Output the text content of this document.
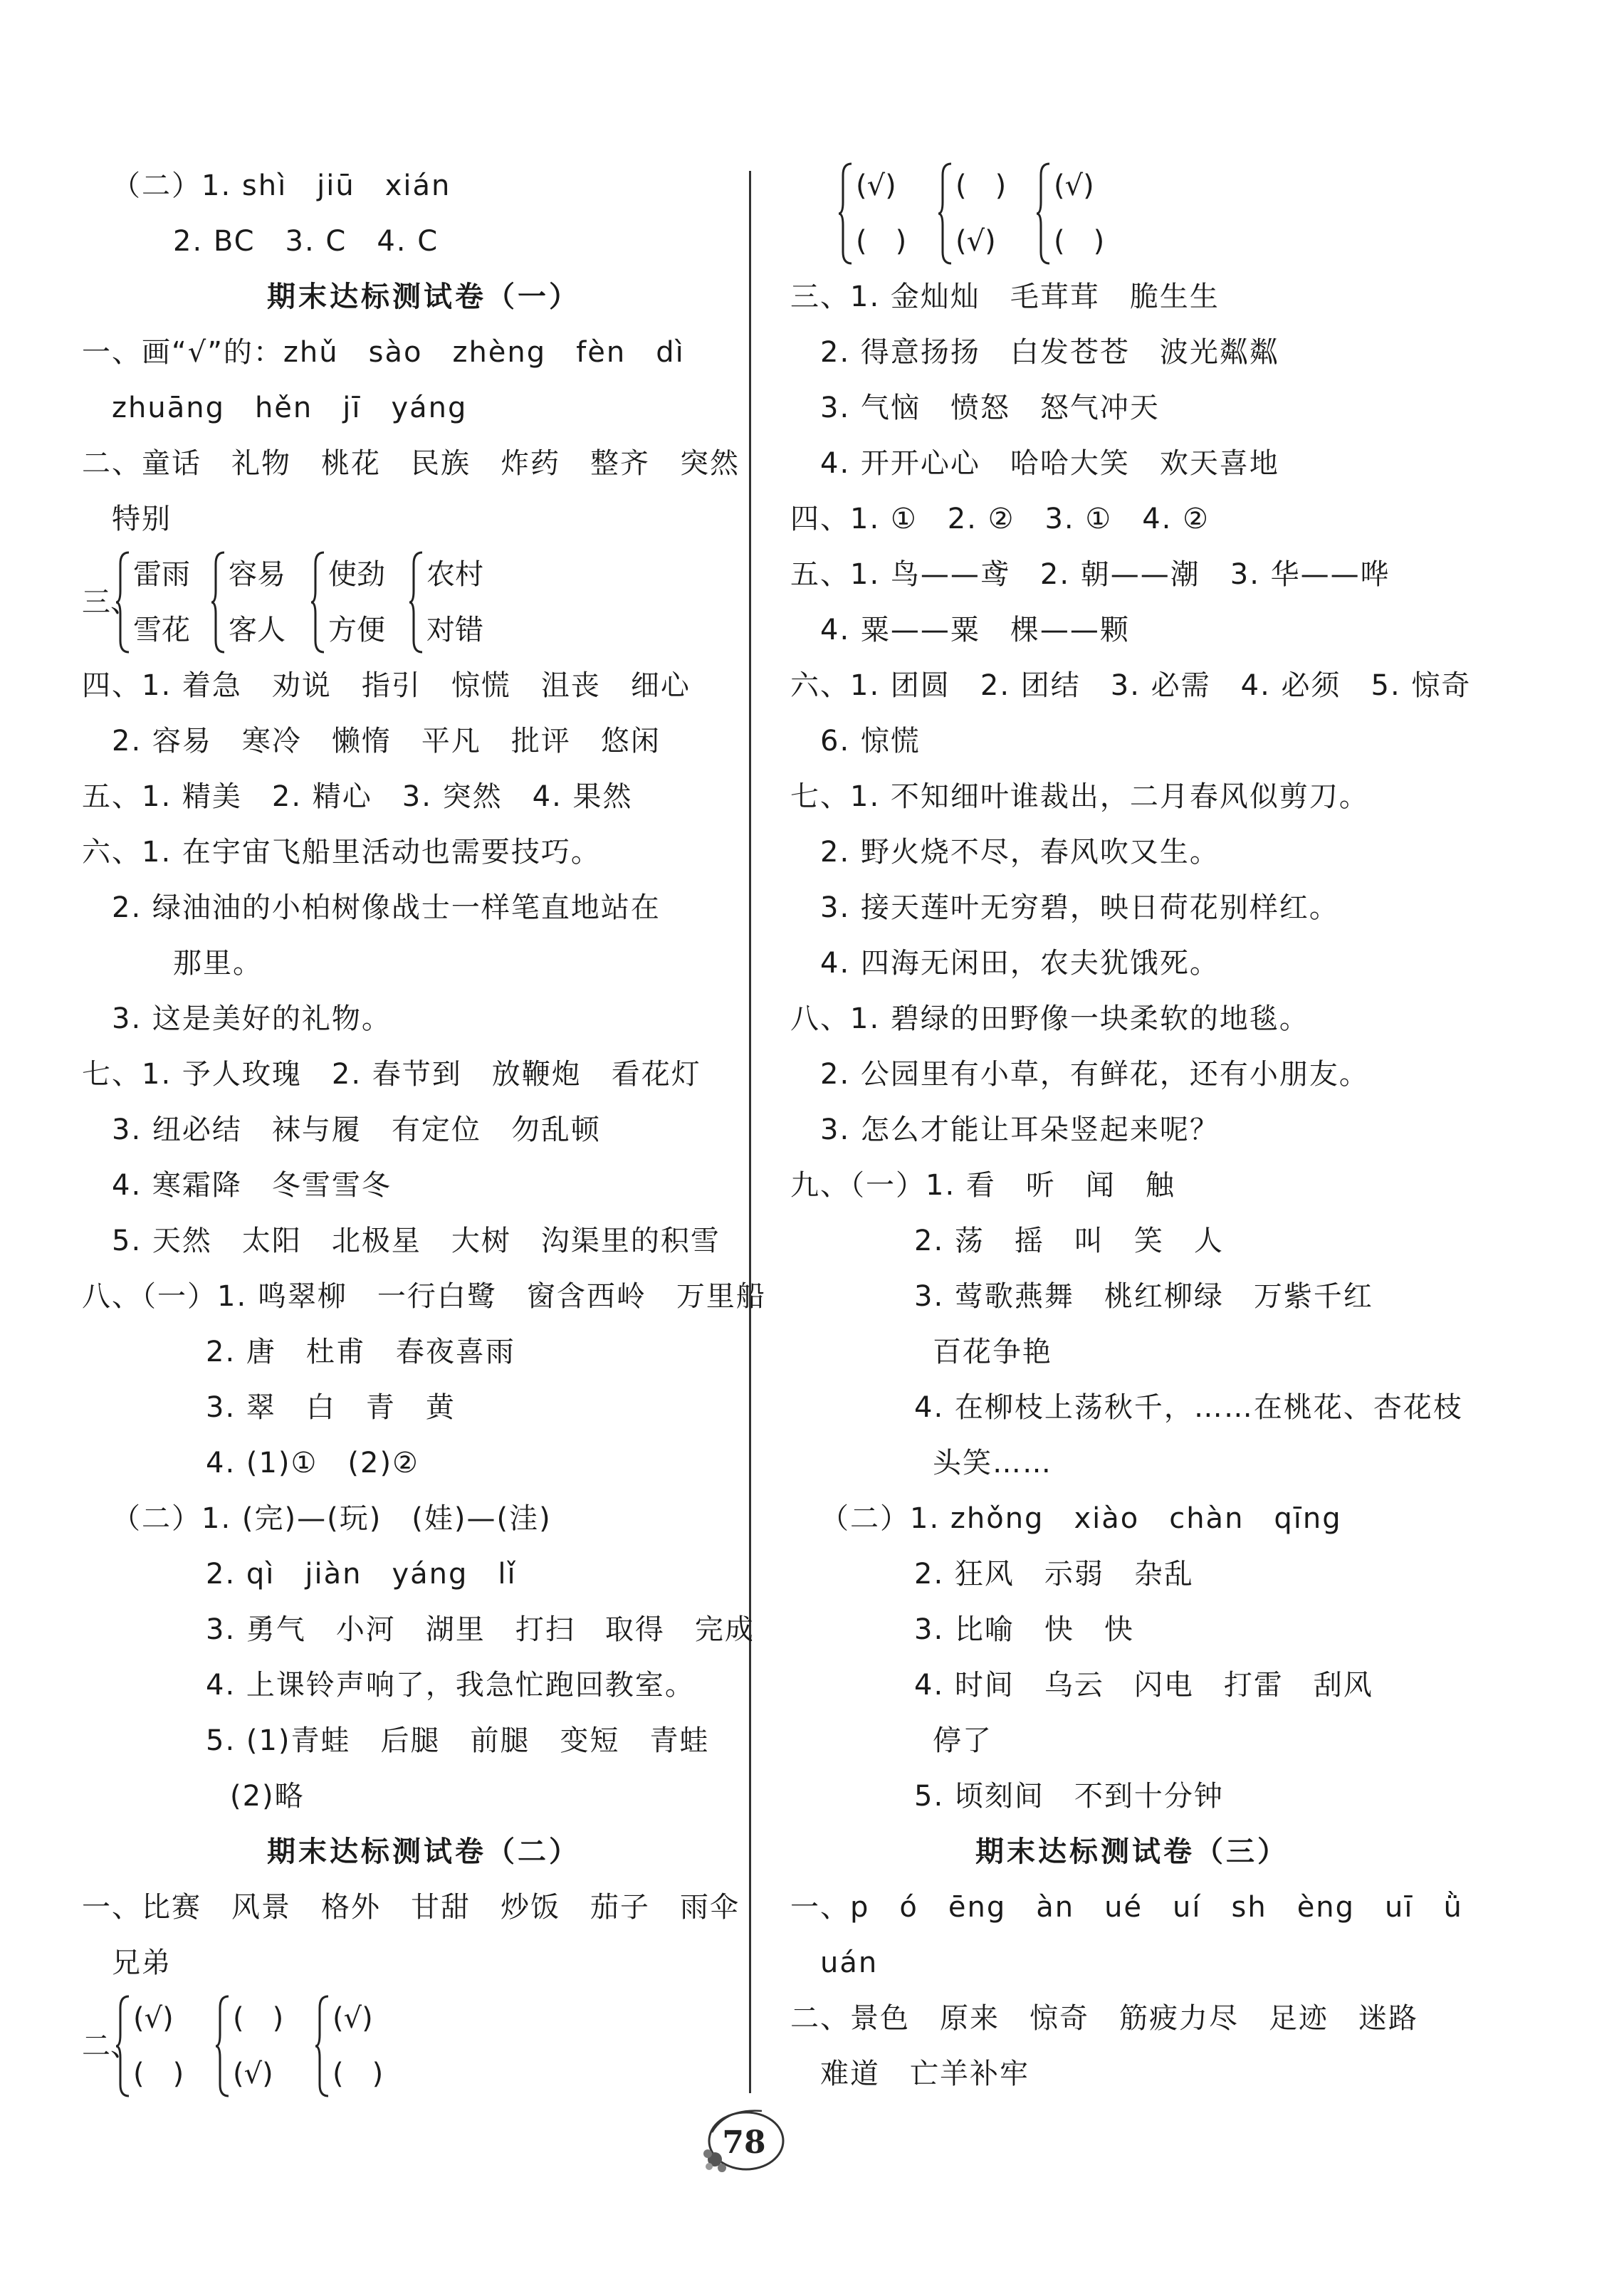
（二）1. shì　jiū　xián
2. BC　3. C　4. C
期末达标测试卷（一）
一、画“√”的：zhǔ　sào　zhèng　fèn　dì
zhuāng　hěn　jī　yáng
二、童话　礼物　桃花　民族　炸药　整齐　突然
特别
三、
雷雨
雪花
容易
客人
使劲
方便
农村
对错
四、1. 着急　劝说　指引　惊慌　沮丧　细心
2. 容易　寒冷　懒惰　平凡　批评　悠闲
五、1. 精美　2. 精心　3. 突然　4. 果然
六、1. 在宇宙飞船里活动也需要技巧。
2. 绿油油的小柏树像战士一样笔直地站在
那里。
3. 这是美好的礼物。
七、1. 予人玫瑰　2. 春节到　放鞭炮　看花灯
3. 纽必结　袜与履　有定位　勿乱顿
4. 寒霜降　冬雪雪冬
5. 天然　太阳　北极星　大树　沟渠里的积雪
八、（一）1. 鸣翠柳　一行白鹭　窗含西岭　万里船
2. 唐　杜甫　春夜喜雨
3. 翠　白　青　黄
4. (1)①　(2)②
（二）1. (完)—(玩)　(娃)—(洼)
2. qì　jiàn　yáng　lǐ
3. 勇气　小河　湖里　打扫　取得　完成
4. 上课铃声响了，我急忙跑回教室。
5. (1)青蛙　后腿　前腿　变短　青蛙
(2)略
期末达标测试卷（二）
一、比赛　风景　格外　甘甜　炒饭　茄子　雨伞
兄弟
二、
(√)
(　)
(　)
(√)
(√)
(　)
(√)
(　)
(　)
(√)
(√)
(　)
三、1. 金灿灿　毛茸茸　脆生生
2. 得意扬扬　白发苍苍　波光粼粼
3. 气恼　愤怒　怒气冲天
4. 开开心心　哈哈大笑　欢天喜地
四、1. ①　2. ②　3. ①　4. ②
五、1. 鸟——鸢　2. 朝——潮　3. 华——哗
4. 粟——粟　棵——颗
六、1. 团圆　2. 团结　3. 必需　4. 必须　5. 惊奇
6. 惊慌
七、1. 不知细叶谁裁出，二月春风似剪刀。
2. 野火烧不尽，春风吹又生。
3. 接天莲叶无穷碧，映日荷花别样红。
4. 四海无闲田，农夫犹饿死。
八、1. 碧绿的田野像一块柔软的地毯。
2. 公园里有小草，有鲜花，还有小朋友。
3. 怎么才能让耳朵竖起来呢？
九、（一）1. 看　听　闻　触
2. 荡　摇　叫　笑　人
3. 莺歌燕舞　桃红柳绿　万紫千红
百花争艳
4. 在柳枝上荡秋千，……在桃花、杏花枝
头笑……
（二）1. zhǒng　xiào　chàn　qīng
2. 狂风　示弱　杂乱
3. 比喻　快　快
4. 时间　乌云　闪电　打雷　刮风
停了
5. 顷刻间　不到十分钟
期末达标测试卷（三）
一、p　ó　ēng　àn　ué　uí　sh　èng　uī　ǜ
uán
二、景色　原来　惊奇　筋疲力尽　足迹　迷路
难道　亡羊补牢
78
